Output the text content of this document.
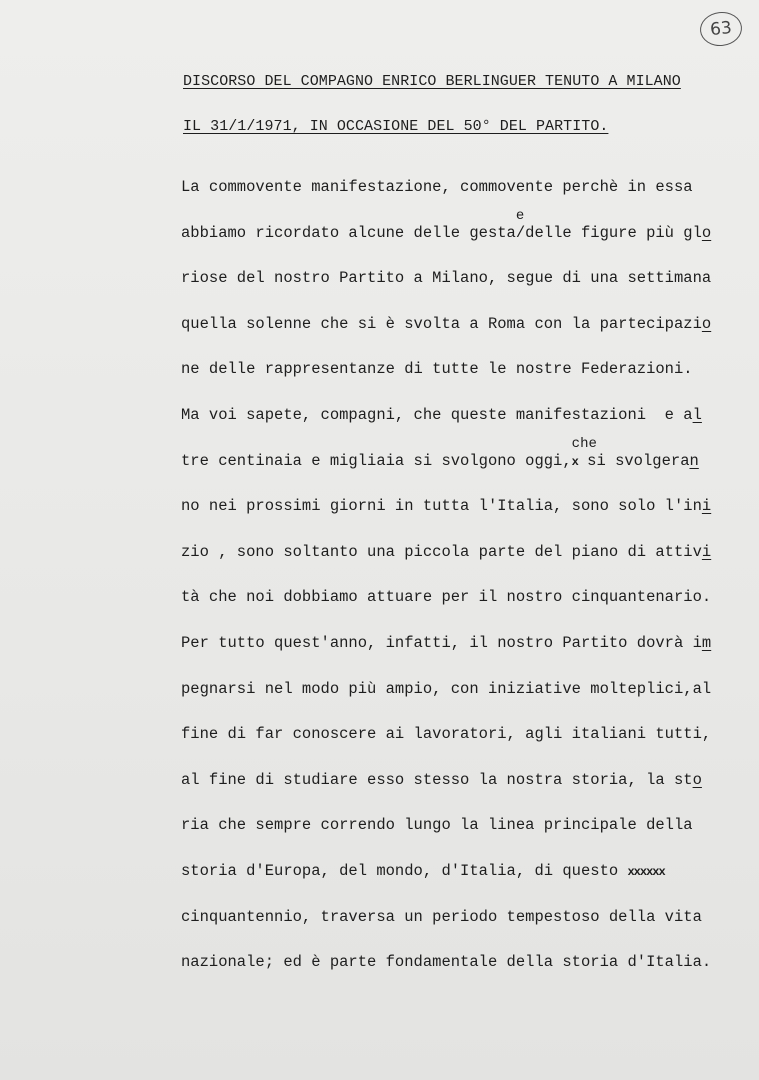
63
DISCORSO DEL COMPAGNO ENRICO BERLINGUER TENUTO A MILANO
IL 31/1/1971, IN OCCASIONE DEL 50° DEL PARTITO.
La commovente manifestazione, commovente perchè in essa
abbiamo ricordato alcune delle gesta
e
/delle figure più glo
riose del nostro Partito a Milano, segue di una settimana
quella solenne che si è svolta a Roma con la partecipazio
ne delle rappresentanze di tutte le nostre Federazioni.
Ma voi sapete, compagni, che queste manifestazioni  e al
tre centinaia e migliaia si svolgono oggi,x
che
si svolgeran
no nei prossimi giorni in tutta l'Italia, sono solo l'ini
zio , sono soltanto una piccola parte del piano di attivi
tà che noi dobbiamo attuare per il nostro cinquantenario.
Per tutto quest'anno, infatti, il nostro Partito dovrà im
pegnarsi nel modo più ampio, con iniziative molteplici,al
fine di far conoscere ai lavoratori, agli italiani tutti,
al fine di studiare esso stesso la nostra storia, la sto
ria che sempre correndo lungo la linea principale della
storia d'Europa, del mondo, d'Italia, di questo xxxxxx
cinquantennio, traversa un periodo tempestoso della vita
nazionale; ed è parte fondamentale della storia d'Italia.
